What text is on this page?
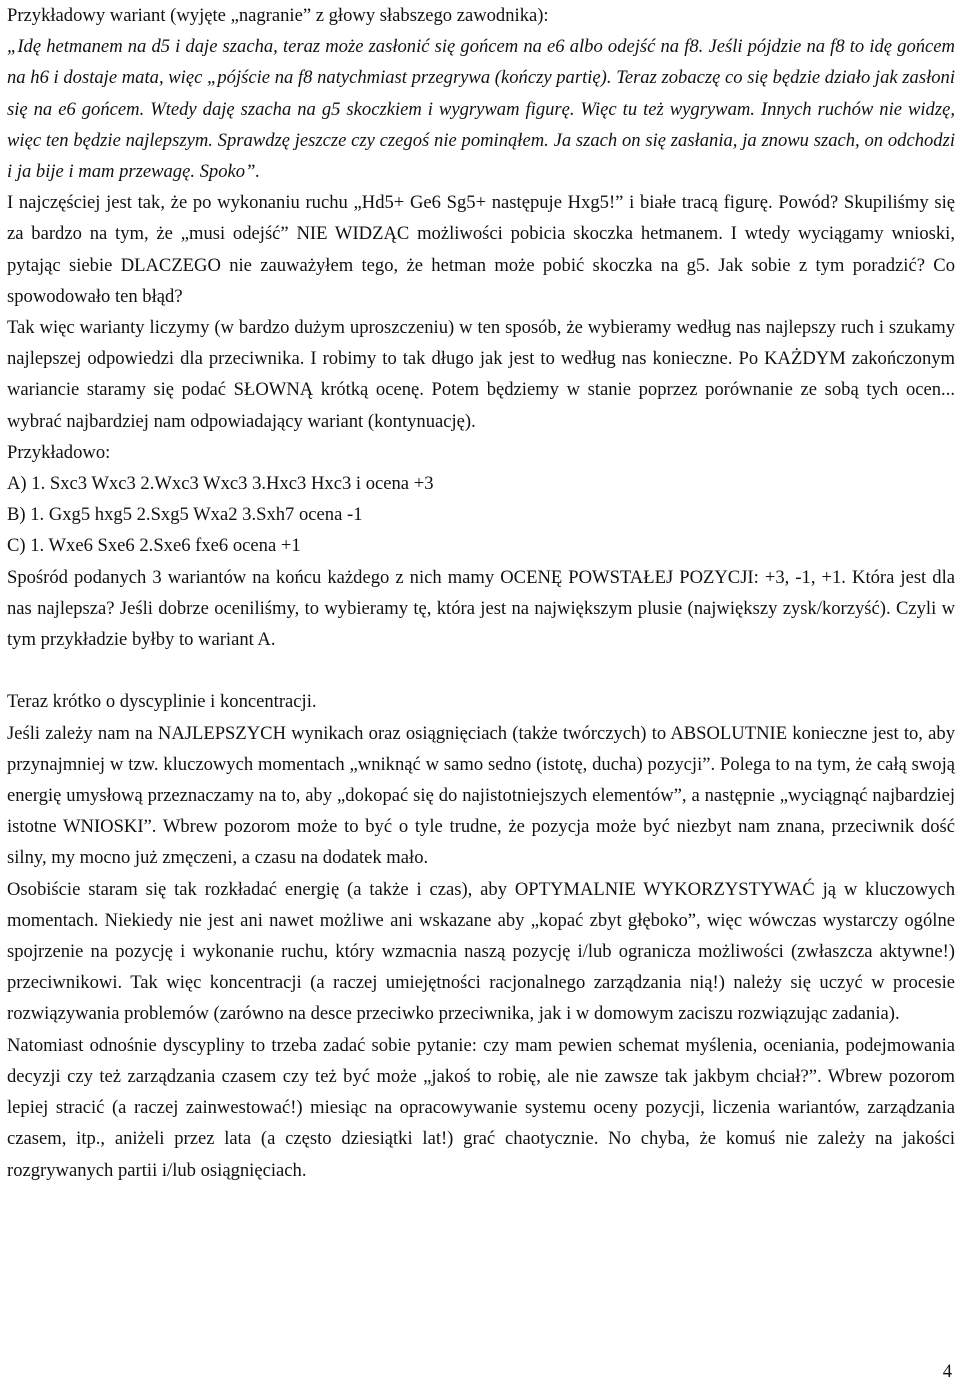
Przykładowy wariant (wyjęte „nagranie” z głowy słabszego zawodnika):

„Idę hetmanem na d5 i daje szacha, teraz może zasłonić się gońcem na e6 albo odejść na f8. Jeśli pójdzie na f8 to idę gońcem na h6 i dostaje mata, więc „pójście na f8 natychmiast przegrywa (kończy partię). Teraz zobaczę co się będzie działo jak zasłoni się na e6 gońcem. Wtedy daję szacha na g5 skoczkiem i wygrywam figurę. Więc tu też wygrywam. Innych ruchów nie widzę, więc ten będzie najlepszym. Sprawdzę jeszcze czy czegoś nie pominąłem. Ja szach on się zasłania, ja znowu szach, on odchodzi i ja bije i mam przewagę. Spoko”.

I najczęściej jest tak, że po wykonaniu ruchu „Hd5+ Ge6 Sg5+ następuje Hxg5!” i białe tracą figurę. Powód? Skupiliśmy się za bardzo na tym, że „musi odejść” NIE WIDZĄC możliwości pobicia skoczka hetmanem. I wtedy wyciągamy wnioski, pytając siebie DLACZEGO nie zauważyłem tego, że hetman może pobić skoczka na g5. Jak sobie z tym poradzić? Co spowodowało ten błąd?

Tak więc warianty liczymy (w bardzo dużym uproszczeniu) w ten sposób, że wybieramy według nas najlepszy ruch i szukamy najlepszej odpowiedzi dla przeciwnika. I robimy to tak długo jak jest to według nas konieczne. Po KAŻDYM zakończonym wariancie staramy się podać SŁOWNĄ krótką ocenę. Potem będziemy w stanie poprzez porównanie ze sobą tych ocen... wybrać najbardziej nam odpowiadający wariant (kontynuację).

Przykładowo:

A) 1. Sxc3 Wxc3 2.Wxc3 Wxc3 3.Hxc3 Hxc3 i ocena +3

B) 1. Gxg5 hxg5 2.Sxg5 Wxa2 3.Sxh7 ocena -1

C) 1. Wxe6 Sxe6 2.Sxe6 fxe6 ocena +1

Spośród podanych 3 wariantów na końcu każdego z nich mamy OCENĘ POWSTAŁEJ POZYCJI: +3, -1, +1. Która jest dla nas najlepsza? Jeśli dobrze oceniliśmy, to wybieramy tę, która jest na największym plusie (największy zysk/korzyść). Czyli w tym przykładzie byłby to wariant A.

Teraz krótko o dyscyplinie i koncentracji.

Jeśli zależy nam na NAJLEPSZYCH wynikach oraz osiągnięciach (także twórczych) to ABSOLUTNIE konieczne jest to, aby przynajmniej w tzw. kluczowych momentach „wniknąć w samo sedno (istotę, ducha) pozycji”. Polega to na tym, że całą swoją energię umysłową przeznaczamy na to, aby „dokopać się do najistotniejszych elementów”, a następnie „wyciągnąć najbardziej istotne WNIOSKI”. Wbrew pozorom może to być o tyle trudne, że pozycja może być niezbyt nam znana, przeciwnik dość silny, my mocno już zmęczeni, a czasu na dodatek mało.

Osobiście staram się tak rozkładać energię (a także i czas), aby OPTYMALNIE WYKORZYSTYWAĆ ją w kluczowych momentach. Niekiedy nie jest ani nawet możliwe ani wskazane aby „kopać zbyt głęboko”, więc wówczas wystarczy ogólne spojrzenie na pozycję i wykonanie ruchu, który wzmacnia naszą pozycję i/lub ogranicza możliwości (zwłaszcza aktywne!) przeciwnikowi. Tak więc koncentracji (a raczej umiejętności racjonalnego zarządzania nią!) należy się uczyć w procesie rozwiązywania problemów (zarówno na desce przeciwko przeciwnika, jak i w domowym zaciszu rozwiązując zadania).

Natomiast odnośnie dyscypliny to trzeba zadać sobie pytanie: czy mam pewien schemat myślenia, oceniania, podejmowania decyzji czy też zarządzania czasem czy też być może „jakoś to robię, ale nie zawsze tak jakbym chciał?”. Wbrew pozorom lepiej stracić (a raczej zainwestować!) miesiąc na opracowywanie systemu oceny pozycji, liczenia wariantów, zarządzania czasem, itp., aniżeli przez lata (a często dziesiątki lat!) grać chaotycznie. No chyba, że komuś nie zależy na jakości rozgrywanych partii i/lub osiągnięciach.

4
